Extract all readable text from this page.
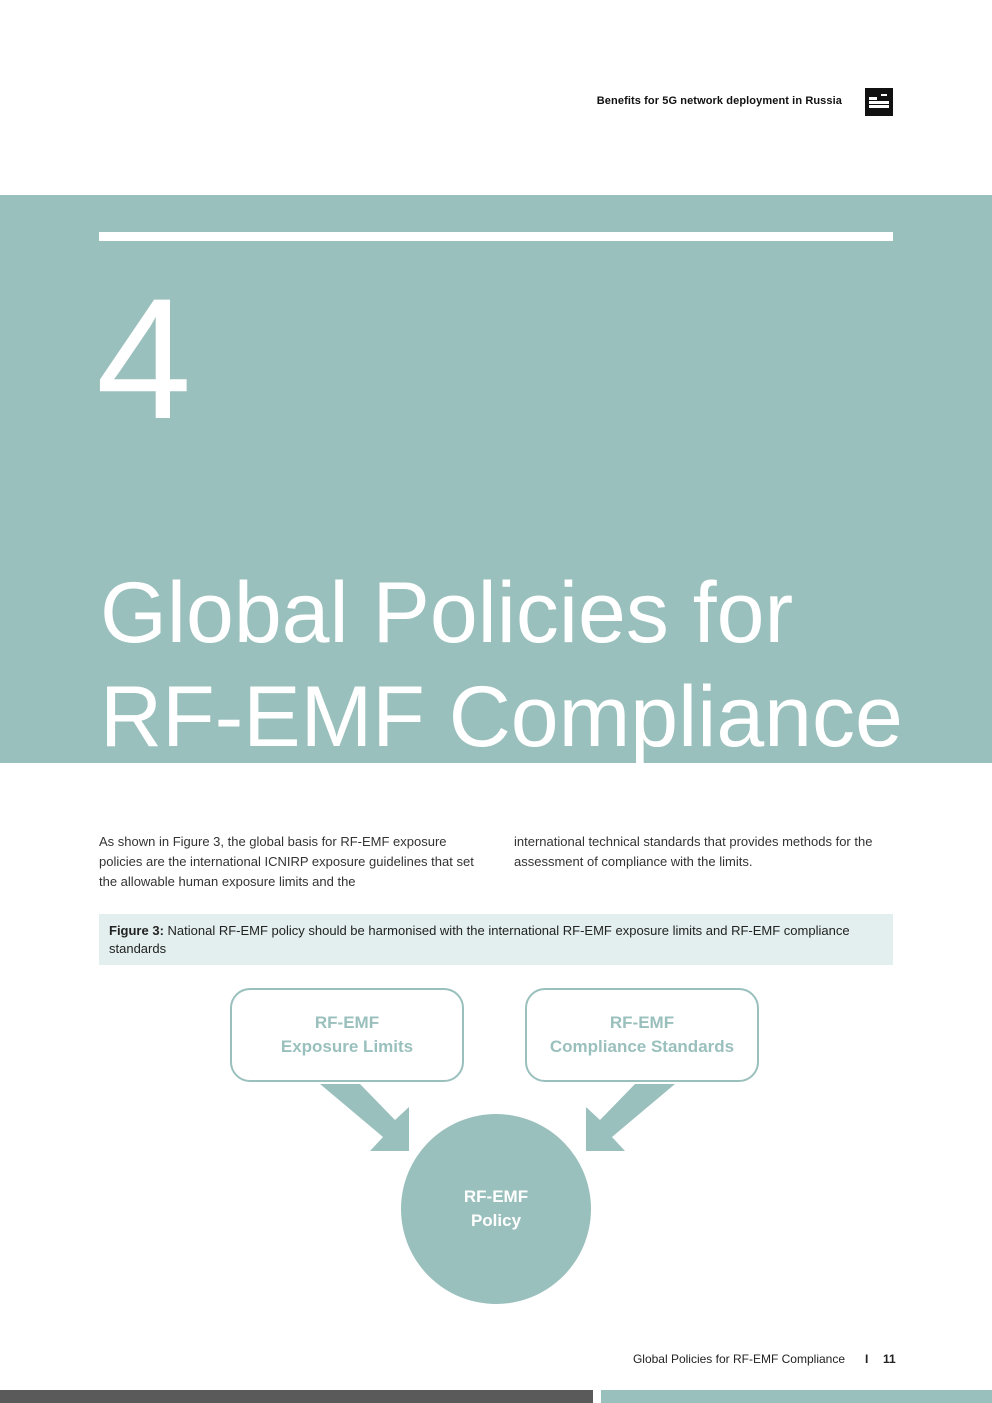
Benefits for 5G network deployment in Russia
4
Global Policies for
RF-EMF Compliance

As shown in Figure 3, the global basis for RF-EMF exposure policies are the international ICNIRP exposure guidelines that set the allowable human exposure limits and the

international technical standards that provides methods for the assessment of compliance with the limits.

Figure 3: National RF-EMF policy should be harmonised with the international RF-EMF exposure limits and RF-EMF compliance standards
RF-EMF
Exposure Limits
RF-EMF
Compliance Standards
RF-EMF
Policy
Global Policies for RF-EMF Compliance I 11
